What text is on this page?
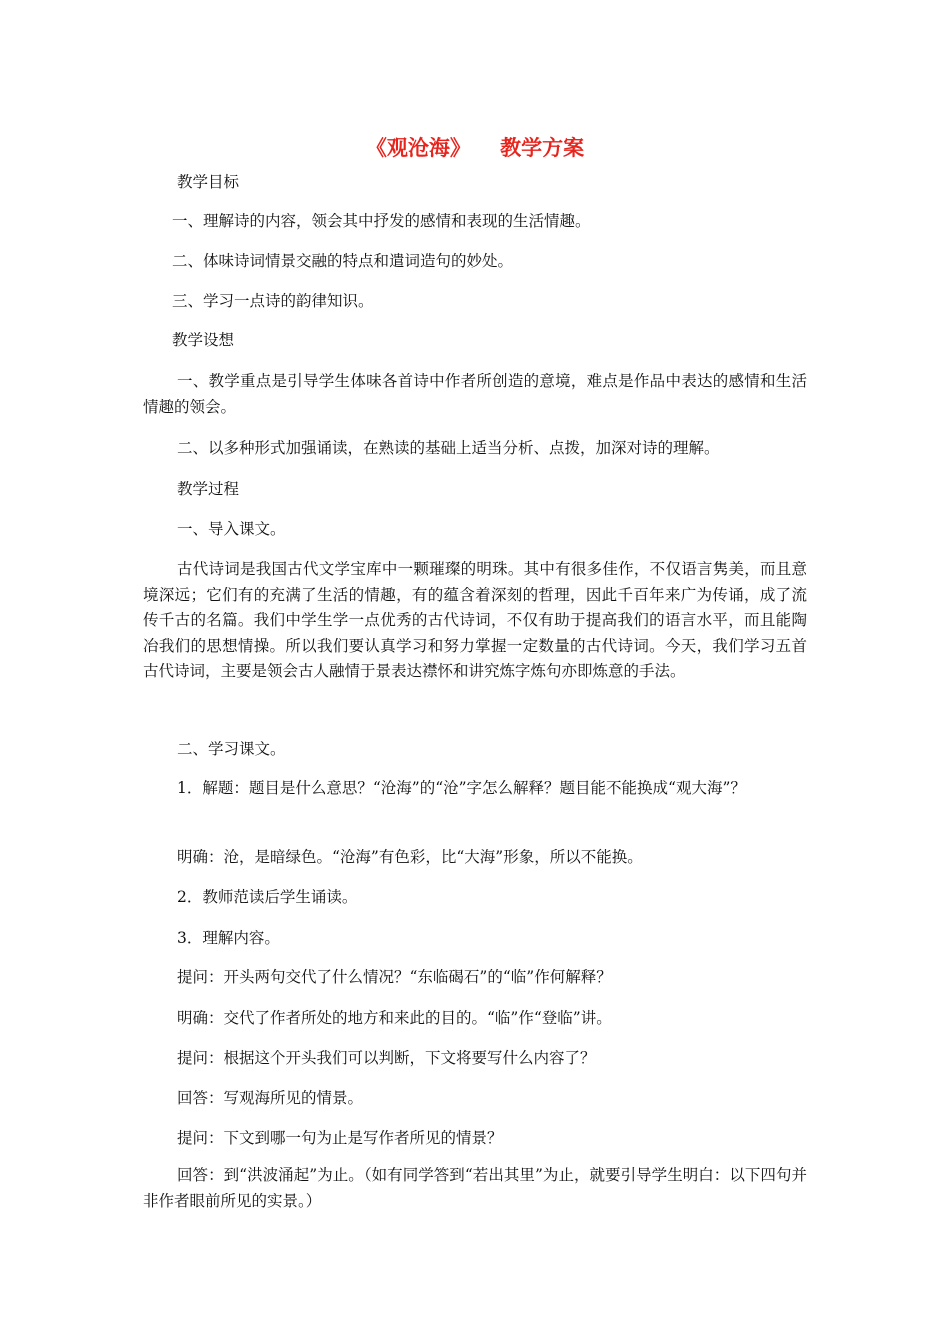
《观沧海》    教学方案
教学目标
一、理解诗的内容，领会其中抒发的感情和表现的生活情趣。
二、体味诗词情景交融的特点和遣词造句的妙处。
三、学习一点诗的韵律知识。
教学设想
一、教学重点是引导学生体味各首诗中作者所创造的意境，难点是作品中表达的感情和生活情趣的领会。
二、以多种形式加强诵读，在熟读的基础上适当分析、点拨，加深对诗的理解。
教学过程
一、导入课文。
古代诗词是我国古代文学宝库中一颗璀璨的明珠。其中有很多佳作，不仅语言隽美，而且意境深远；它们有的充满了生活的情趣，有的蕴含着深刻的哲理，因此千百年来广为传诵，成了流传千古的名篇。我们中学生学一点优秀的古代诗词，不仅有助于提高我们的语言水平，而且能陶冶我们的思想情操。所以我们要认真学习和努力掌握一定数量的古代诗词。今天，我们学习五首古代诗词，主要是领会古人融情于景表达襟怀和讲究炼字炼句亦即炼意的手法。
二、学习课文。
1．解题：题目是什么意思？“沧海”的“沧”字怎么解释？题目能不能换成“观大海”？
明确：沧，是暗绿色。“沧海”有色彩，比“大海”形象，所以不能换。
2．教师范读后学生诵读。
3．理解内容。
提问：开头两句交代了什么情况？“东临碣石”的“临”作何解释？
明确：交代了作者所处的地方和来此的目的。“临”作“登临”讲。
提问：根据这个开头我们可以判断，下文将要写什么内容了？
回答：写观海所见的情景。
提问：下文到哪一句为止是写作者所见的情景？
回答：到“洪波涌起”为止。（如有同学答到“若出其里”为止，就要引导学生明白：以下四句并非作者眼前所见的实景。）
